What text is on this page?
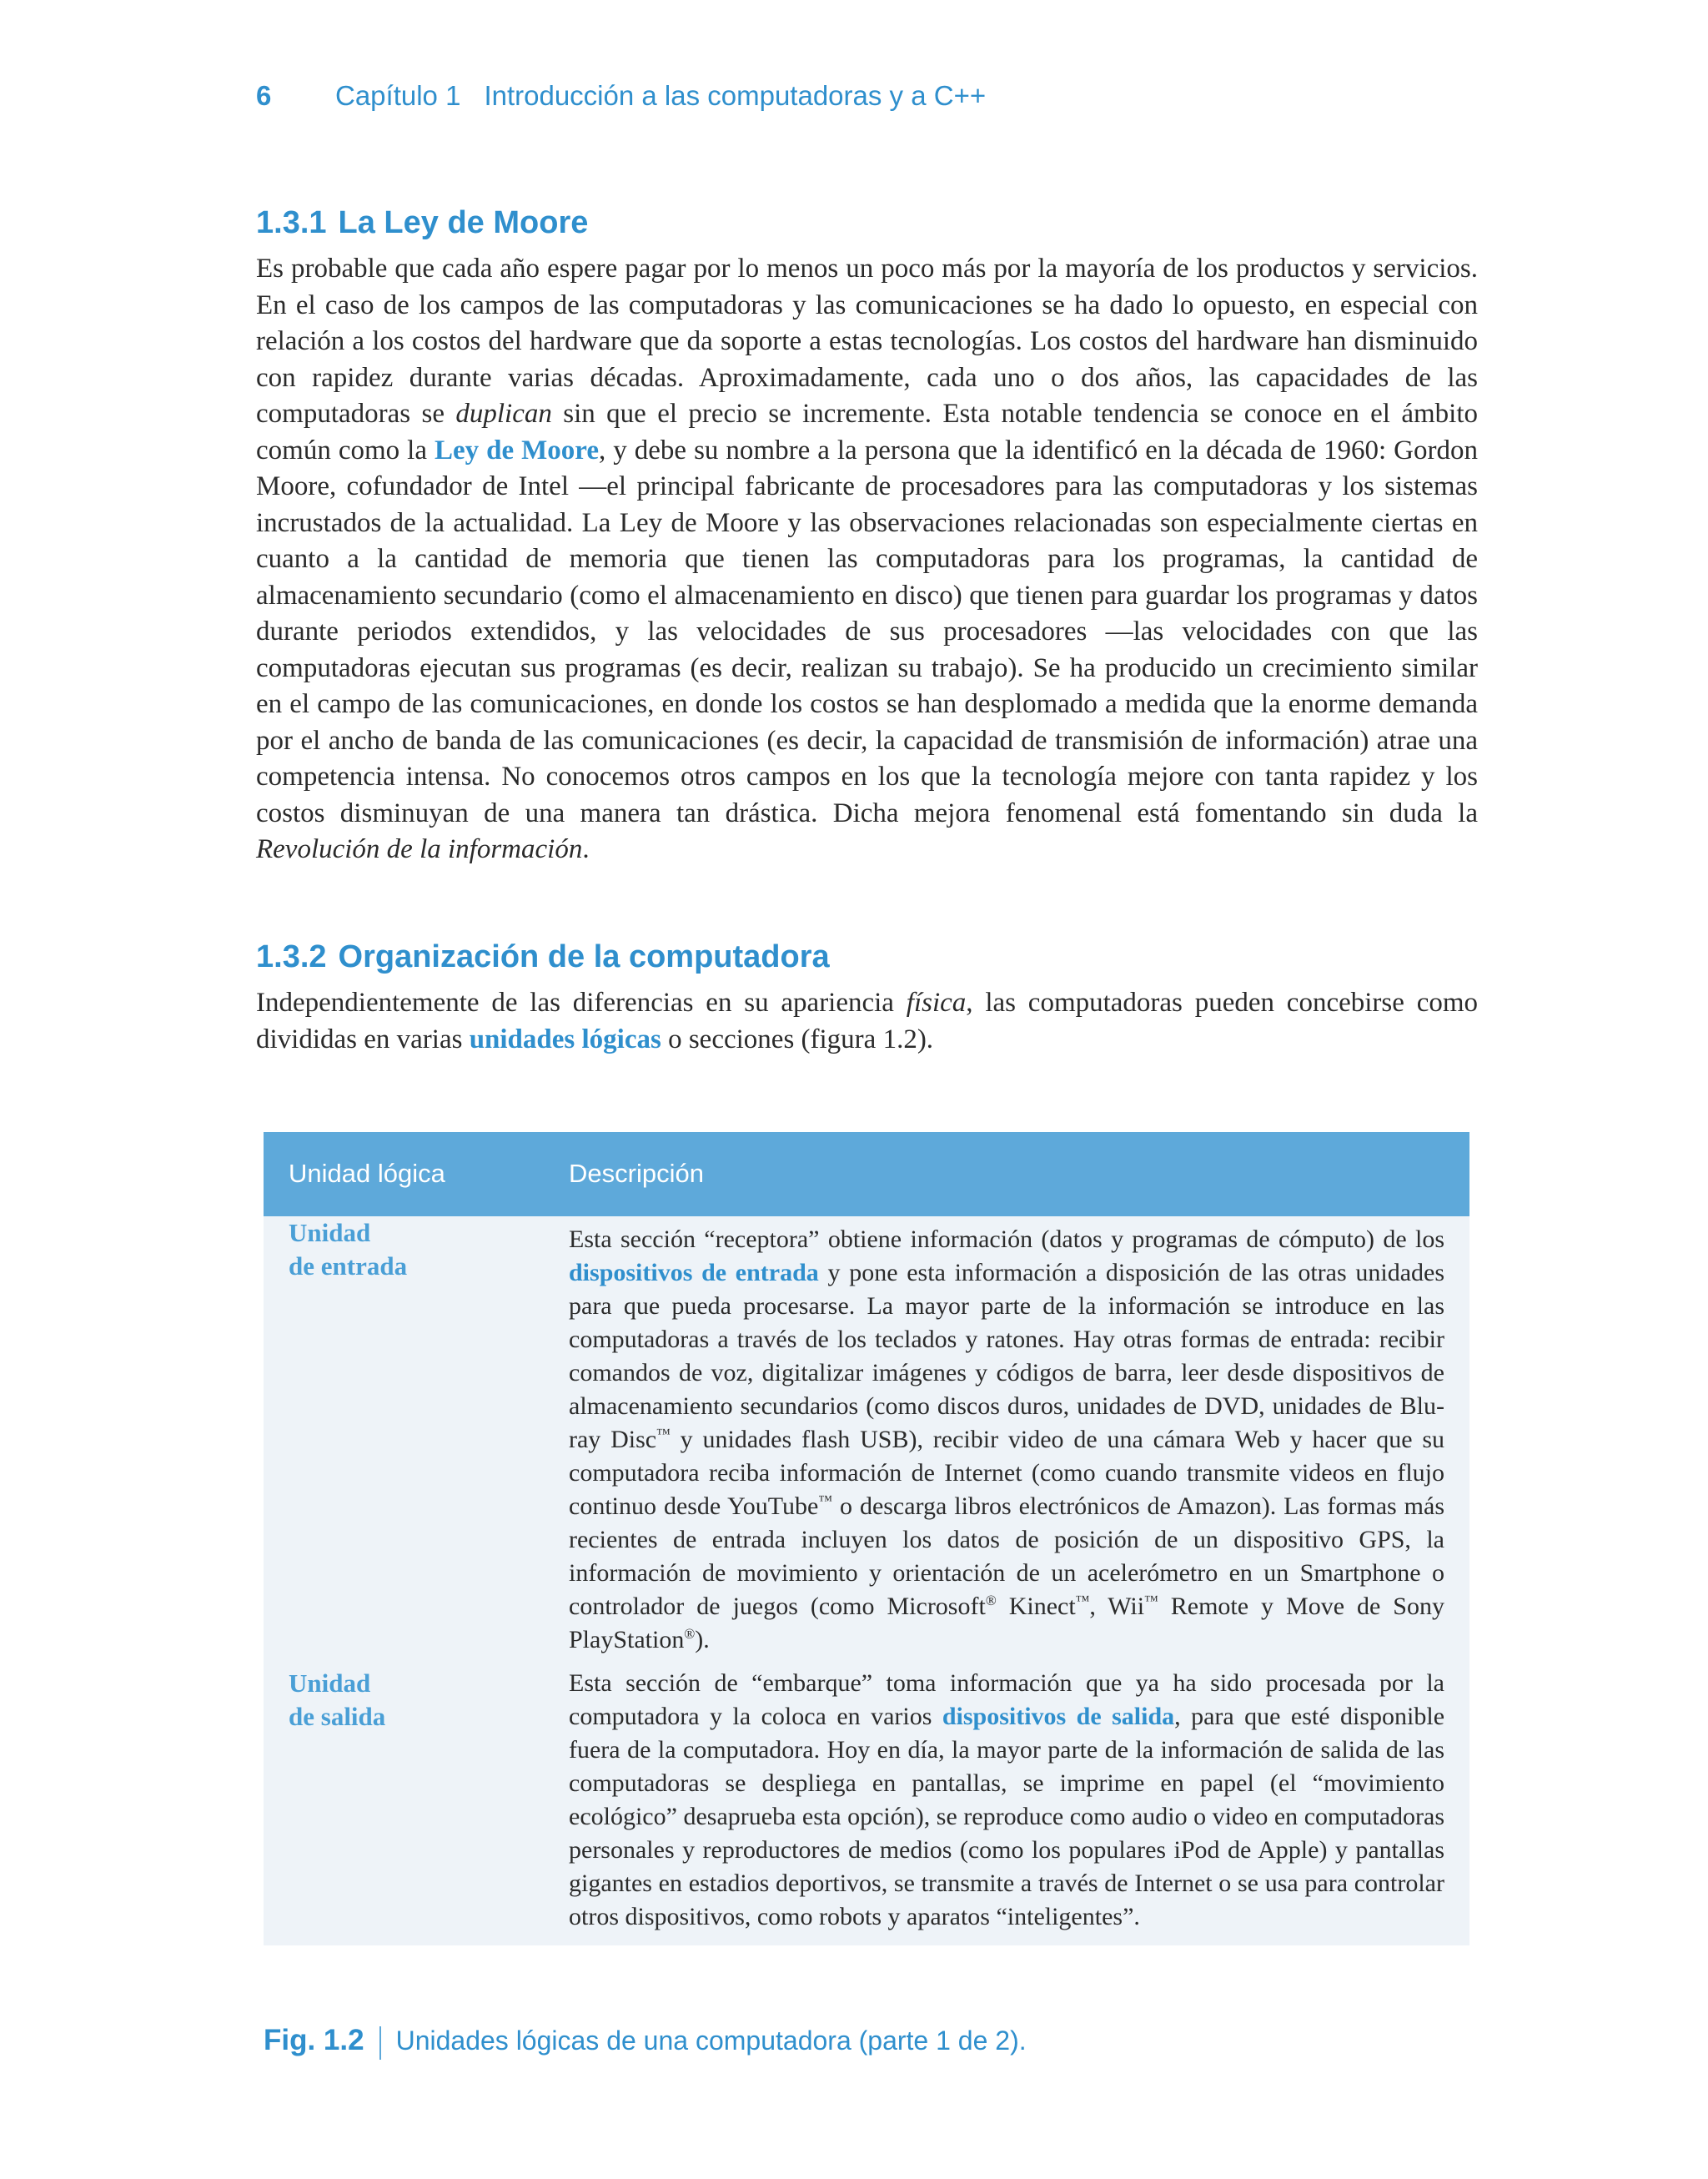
6 Capítulo 1 Introducción a las computadoras y a C++
1.3.1 La Ley de Moore

Es probable que cada año espere pagar por lo menos un poco más por la mayoría de los productos y servicios. En el caso de los campos de las computadoras y las comunicaciones se ha dado lo opuesto, en especial con relación a los costos del hardware que da soporte a estas tecnologías. Los costos del hardware han disminuido con rapidez durante varias décadas. Aproximadamente, cada uno o dos años, las capacidades de las computadoras se duplican sin que el precio se incremente. Esta notable tendencia se conoce en el ámbito común como la Ley de Moore, y debe su nombre a la persona que la identificó en la década de 1960: Gordon Moore, cofundador de Intel —el principal fabricante de procesadores para las computadoras y los sistemas incrustados de la actualidad. La Ley de Moore y las observaciones relacionadas son especialmente ciertas en cuanto a la cantidad de memoria que tienen las computadoras para los programas, la cantidad de almacenamiento secundario (como el almacenamiento en disco) que tienen para guardar los programas y datos durante periodos extendidos, y las velocidades de sus procesadores —las velocidades con que las computadoras ejecutan sus programas (es decir, realizan su trabajo). Se ha producido un crecimiento similar en el campo de las comunicaciones, en donde los costos se han desplomado a medida que la enorme demanda por el ancho de banda de las comunicaciones (es decir, la capacidad de transmisión de información) atrae una competencia intensa. No conocemos otros campos en los que la tecnología mejore con tanta rapidez y los costos disminuyan de una manera tan drástica. Dicha mejora fenomenal está fomentando sin duda la Revolución de la información.

1.3.2 Organización de la computadora

Independientemente de las diferencias en su apariencia física, las computadoras pueden concebirse como divididas en varias unidades lógicas o secciones (figura 1.2).

Unidad lógica	Descripción
Unidad
de entrada
Esta sección “receptora” obtiene información (datos y programas de cómputo) de los dispositivos de entrada y pone esta información a disposición de las otras unidades para que pueda procesarse. La mayor parte de la información se introduce en las computadoras a través de los teclados y ratones. Hay otras formas de entrada: recibir comandos de voz, digitalizar imágenes y códigos de barra, leer desde dispositivos de almacenamiento secundarios (como discos duros, unidades de DVD, unidades de Blu-ray Disc™ y unidades flash USB), recibir video de una cámara Web y hacer que su computadora reciba información de Internet (como cuando transmite videos en flujo continuo desde YouTube™ o descarga libros electrónicos de Amazon). Las formas más recientes de entrada incluyen los datos de posición de un dispositivo GPS, la información de movimiento y orientación de un acelerómetro en un Smartphone o controlador de juegos (como Microsoft® Kinect™, Wii™ Remote y Move de Sony PlayStation®).
Unidad
de salida
Esta sección de “embarque” toma información que ya ha sido procesada por la computadora y la coloca en varios dispositivos de salida, para que esté disponible fuera de la computadora. Hoy en día, la mayor parte de la información de salida de las computadoras se despliega en pantallas, se imprime en papel (el “movimiento ecológico” desaprueba esta opción), se reproduce como audio o video en computadoras personales y reproductores de medios (como los populares iPod de Apple) y pantallas gigantes en estadios deportivos, se transmite a través de Internet o se usa para controlar otros dispositivos, como robots y aparatos “inteligentes”.
Fig. 1.2 Unidades lógicas de una computadora (parte 1 de 2).
